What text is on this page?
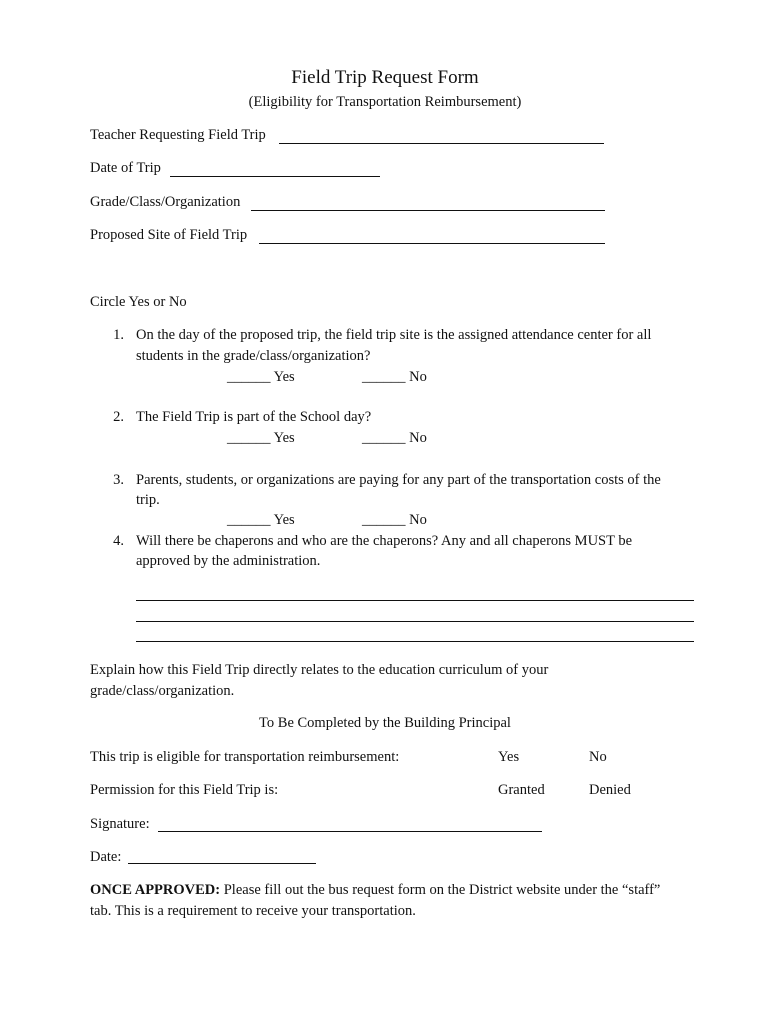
Field Trip Request Form
(Eligibility for Transportation Reimbursement)
Teacher Requesting Field Trip
Date of Trip
Grade/Class/Organization
Proposed Site of Field Trip
Circle Yes or No
1. On the day of the proposed trip, the field trip site is the assigned attendance center for all
students in the grade/class/organization?
______ Yes	______ No
2. The Field Trip is part of the School day?
______ Yes	______ No
3. Parents, students, or organizations are paying for any part of the transportation costs of the
trip.
______ Yes	______ No
4. Will there be chaperons and who are the chaperons? Any and all chaperons MUST be
approved by the administration.
Explain how this Field Trip directly relates to the education curriculum of your
grade/class/organization.
To Be Completed by the Building Principal
This trip is eligible for transportation reimbursement:	Yes	No
Permission for this Field Trip is:	Granted	Denied
Signature:
Date:
ONCE APPROVED: Please fill out the bus request form on the District website under the “staff”
tab. This is a requirement to receive your transportation.
